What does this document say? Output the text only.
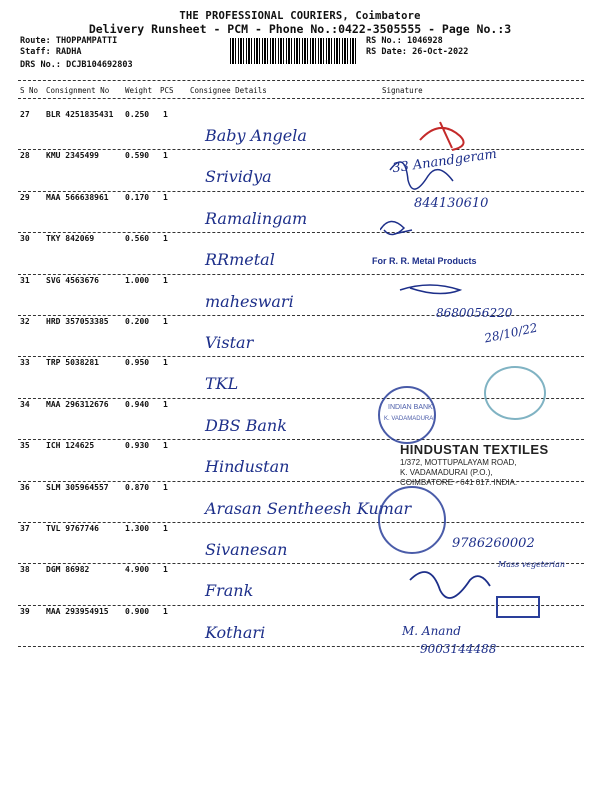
THE PROFESSIONAL COURIERS, Coimbatore
Delivery Runsheet - PCM - Phone No.:0422-3505555 - Page No.:3
Route: THOPPAMPATTI
Staff: RADHA
DRS No.: DCJB104692803
RS No.: 1046928
RS Date: 26-Oct-2022
S No Consignment No Weight PCS Consignee Details	Signature
27 BLR 4251835431 0.250 1
Baby Angela
28 KMU 2345499	0.590 1
Srividya
29 MAA 566638961 0.170 1
Ramalingam
30 TKY 842069	0.560 1
RRmetal
31 SVG 4563676	1.000 1
maheswari
32 HRD 357053385 0.200 1
Vistar
33 TRP 5038281	0.950 1
TKL
34 MAA 296312676 0.940 1
DBS Bank
35 ICH 124625	0.930 1
Hindustan
36 SLM 305964557 0.870 1
Arasan Sentheesh Kumar
37 TVL 9767746	1.300 1
Sivanesan
38 DGM 86982	4.900 1
Frank
39 MAA 293954915 0.900 1
Kothari
33 Anandgeram
844130610
For R. R. Metal Products
8680056220
28/10/22
9786260002
Mass vegeterian
M. Anand
9003144488
INDIAN BANK
K. VADAMADURAI
HINDUSTAN TEXTILES
1/372, MOTTUPALAYAM ROAD,
K. VADAMADURAI (P.O.),
COIMBATORE - 641 017. INDIA.
